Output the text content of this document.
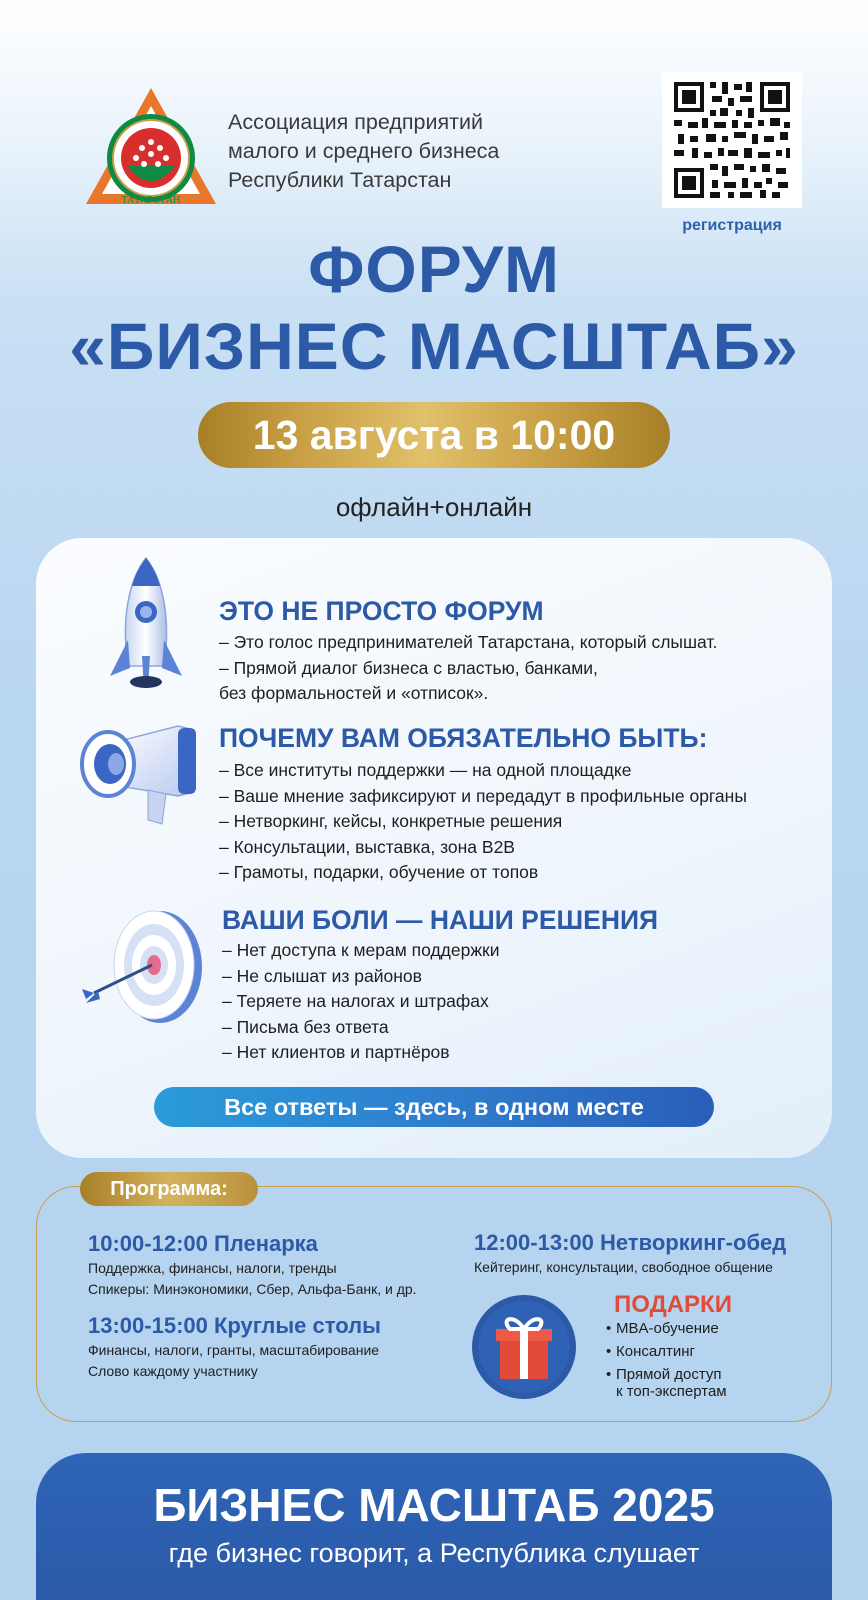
ТАТАРСТАН
Ассоциация предприятий
малого и среднего бизнеса
Республики Татарстан
регистрация
ФОРУМ
«БИЗНЕС МАСШТАБ»
13 августа в 10:00
офлайн+онлайн
ЭТО НЕ ПРОСТО ФОРУМ
– Это голос предпринимателей Татарстана, который слышат.
– Прямой диалог бизнеса с властью, банками,
без формальностей и «отписок».
ПОЧЕМУ ВАМ ОБЯЗАТЕЛЬНО БЫТЬ:
– Все институты поддержки — на одной площадке
– Ваше мнение зафиксируют и передадут в профильные органы
– Нетворкинг, кейсы, конкретные решения
– Консультации, выставка, зона B2B
– Грамоты, подарки, обучение от топов
ВАШИ БОЛИ — НАШИ РЕШЕНИЯ
– Нет доступа к мерам поддержки
– Не слышат из районов
– Теряете на налогах и штрафах
– Письма без ответа
– Нет клиентов и партнёров
Все ответы — здесь, в одном месте
Программа:
10:00-12:00 Пленарка
Поддержка, финансы, налоги, тренды
Спикеры: Минэкономики, Сбер, Альфа-Банк, и др.
13:00-15:00 Круглые столы
Финансы, налоги, гранты, масштабирование
Слово каждому участнику
12:00-13:00 Нетворкинг-обед
Кейтеринг, консультации, свободное общение
ПОДАРКИ
• MBA-обучение
• Консалтинг
• Прямой доступ
к топ-экспертам
БИЗНЕС МАСШТАБ 2025
где бизнес говорит, а Республика слушает
